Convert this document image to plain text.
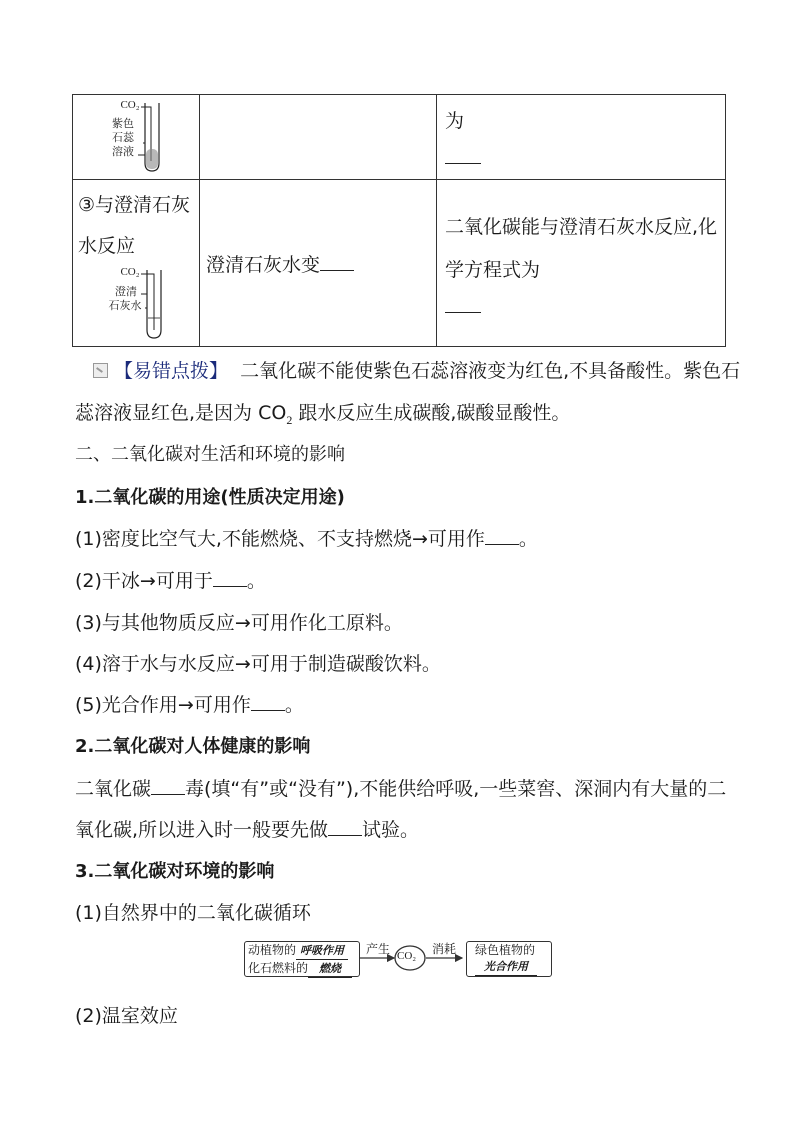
CO₂
紫色
石蕊
溶液		为

③与澄清石灰
水反应
CO₂
澄清
石灰水	澄清石灰水变	二氧化碳能与澄清石灰水反应,化
学方程式为
【易错点拨】 二氧化碳不能使紫色石蕊溶液变为红色,不具备酸性。紫色石
蕊溶液显红色,是因为 $CO_2$ 跟水反应生成碳酸,碳酸显酸性。
二、二氧化碳对生活和环境的影响
1.二氧化碳的用途(性质决定用途)
(1)密度比空气大,不能燃烧、不支持燃烧→可用作 。
(2)干冰→可用于 。
(3)与其他物质反应→可用作化工原料。
(4)溶于水与水反应→可用于制造碳酸饮料。
(5)光合作用→可用作 。
2.二氧化碳对人体健康的影响
二氧化碳 毒(填“有”或“没有”),不能供给呼吸,一些菜窖、深洞内有大量的二
氧化碳,所以进入时一般要先做 试验。
3.二氧化碳对环境的影响
(1)自然界中的二氧化碳循环
动植物的 呼吸作用
化石燃料的 燃烧
产生 CO₂ 消耗	绿色植物的
光合作用
(2)温室效应
